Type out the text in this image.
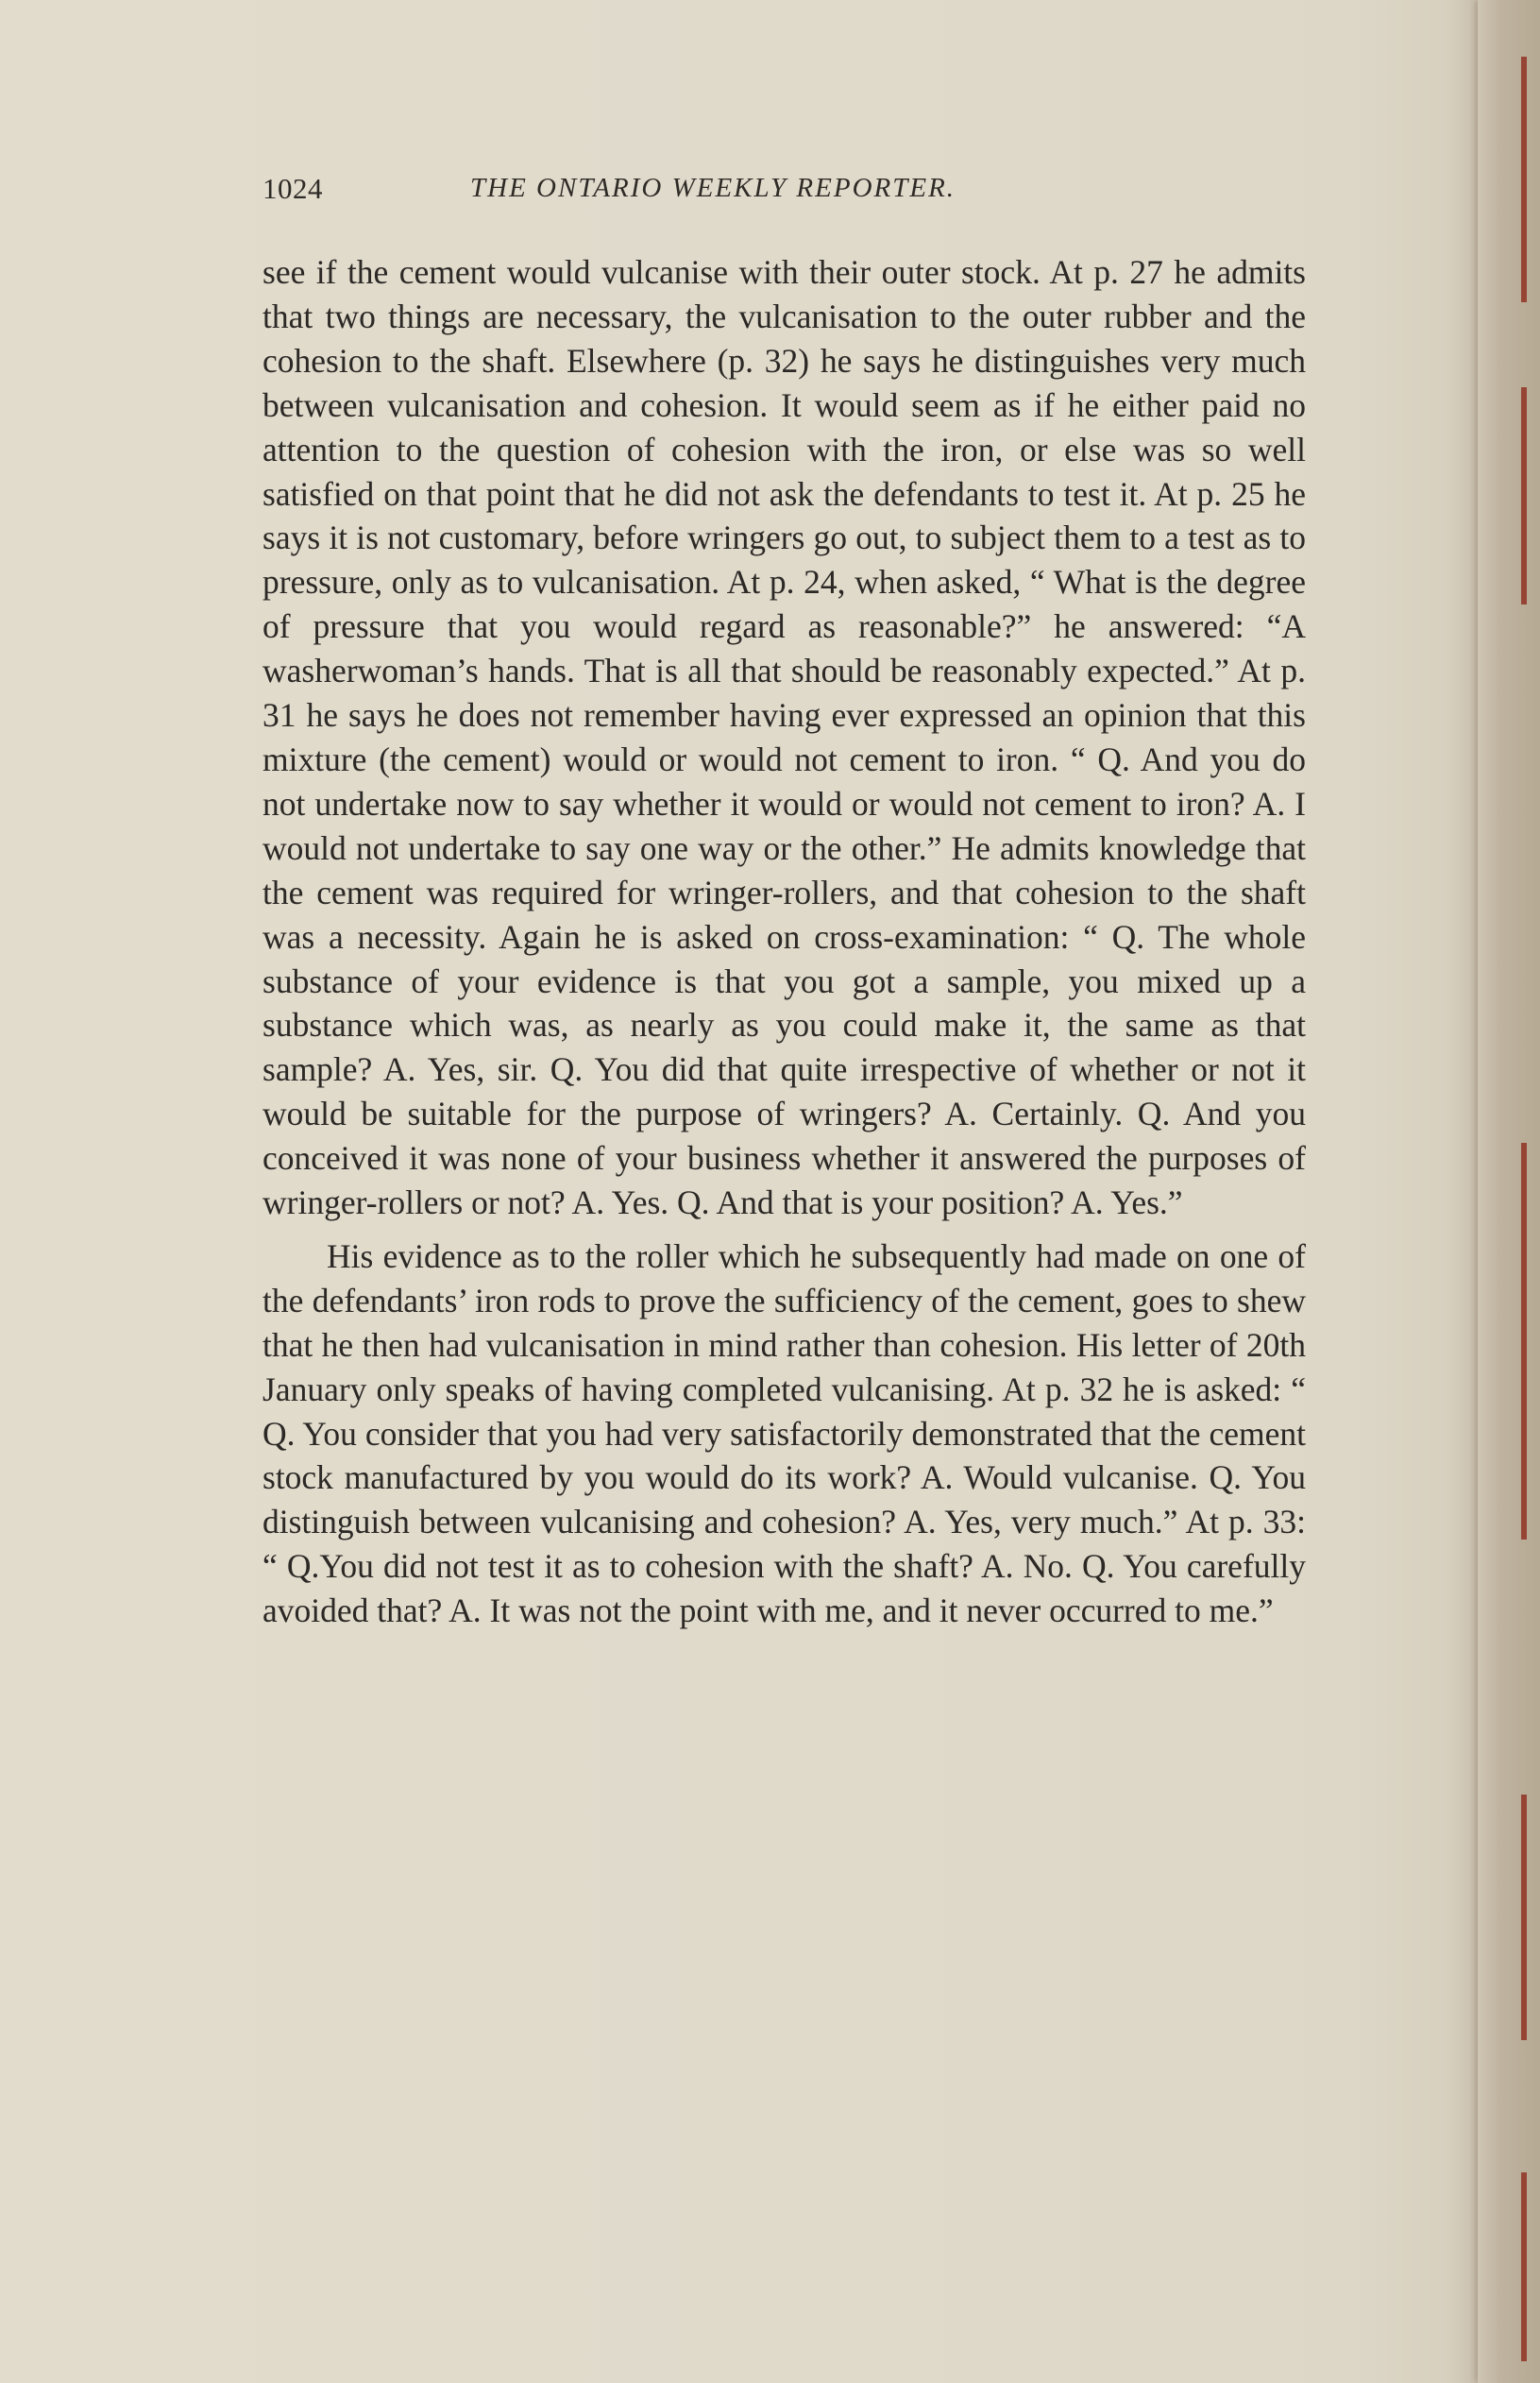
1024	THE ONTARIO WEEKLY REPORTER.

see if the cement would vulcanise with their outer stock. At p. 27 he admits that two things are necessary, the vulcanisation to the outer rubber and the cohesion to the shaft. Elsewhere (p. 32) he says he distinguishes very much between vulcanisation and cohesion. It would seem as if he either paid no attention to the question of cohesion with the iron, or else was so well satisfied on that point that he did not ask the defendants to test it. At p. 25 he says it is not customary, before wringers go out, to subject them to a test as to pressure, only as to vulcanisation. At p. 24, when asked, “ What is the degree of pressure that you would regard as reasonable?” he answered: “A washerwoman’s hands. That is all that should be reasonably expected.” At p. 31 he says he does not remember having ever expressed an opinion that this mixture (the cement) would or would not cement to iron. “ Q. And you do not undertake now to say whether it would or would not cement to iron? A. I would not undertake to say one way or the other.” He admits knowledge that the cement was required for wringer-rollers, and that cohesion to the shaft was a necessity. Again he is asked on cross-examination: “ Q. The whole substance of your evidence is that you got a sample, you mixed up a substance which was, as nearly as you could make it, the same as that sample? A. Yes, sir. Q. You did that quite irrespective of whether or not it would be suitable for the purpose of wringers? A. Certainly. Q. And you conceived it was none of your business whether it answered the purposes of wringer-rollers or not? A. Yes. Q. And that is your position? A. Yes.”

His evidence as to the roller which he subsequently had made on one of the defendants’ iron rods to prove the sufficiency of the cement, goes to shew that he then had vulcanisation in mind rather than cohesion. His letter of 20th January only speaks of having completed vulcanising. At p. 32 he is asked: “ Q. You consider that you had very satisfactorily demonstrated that the cement stock manufactured by you would do its work? A. Would vulcanise. Q. You distinguish between vulcanising and cohesion? A. Yes, very much.” At p. 33: “ Q.You did not test it as to cohesion with the shaft? A. No. Q. You carefully avoided that? A. It was not the point with me, and it never occurred to me.”
